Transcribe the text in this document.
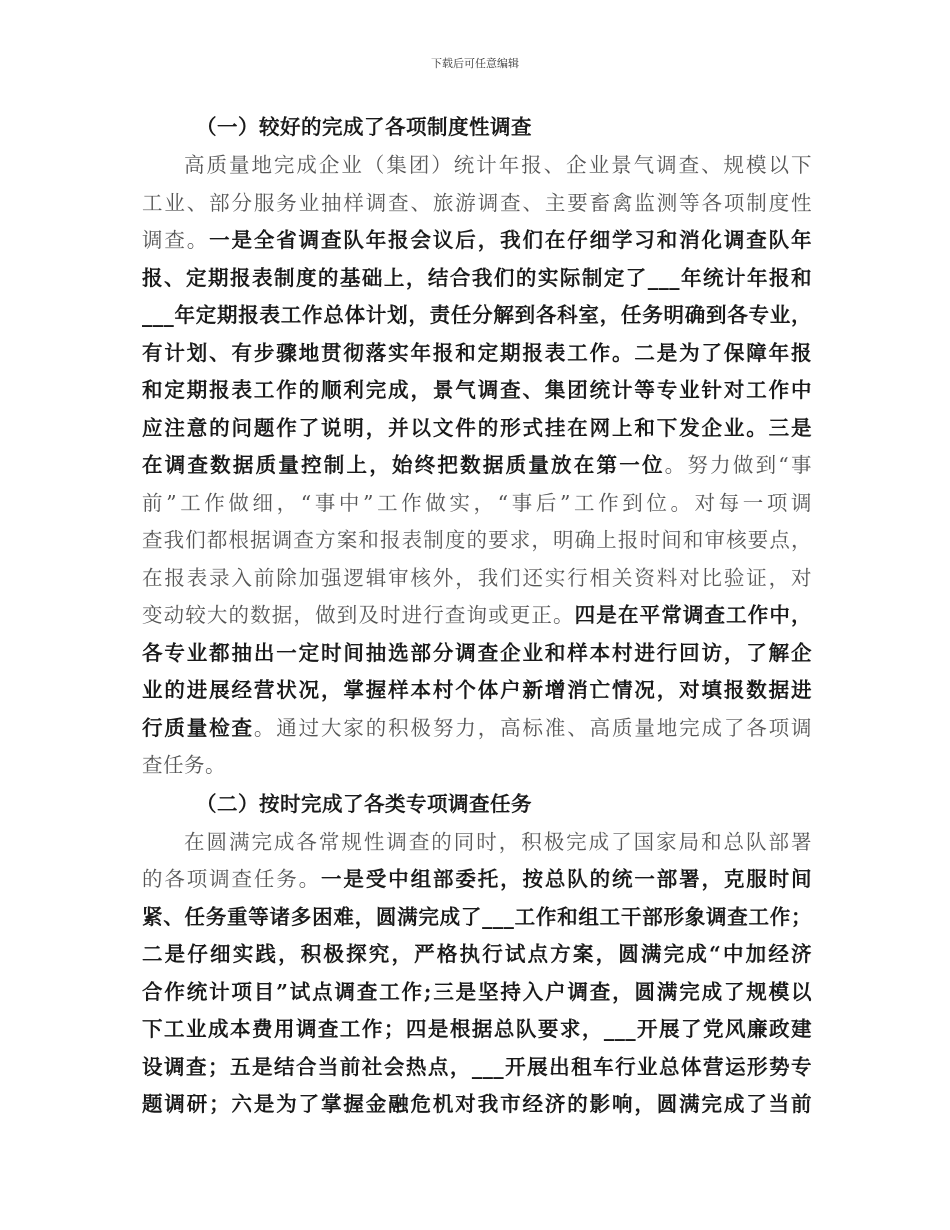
下载后可任意编辑
（一）较好的完成了各项制度性调查
高质量地完成企业（集团）统计年报、企业景气调查、规模以下
工业、部分服务业抽样调查、旅游调查、主要畜禽监测等各项制度性
调查。一是全省调查队年报会议后，我们在仔细学习和消化调查队年
报、定期报表制度的基础上，结合我们的实际制定了___年统计年报和
___年定期报表工作总体计划，责任分解到各科室，任务明确到各专业，
有计划、有步骤地贯彻落实年报和定期报表工作。二是为了保障年报
和定期报表工作的顺利完成，景气调查、集团统计等专业针对工作中
应注意的问题作了说明，并以文件的形式挂在网上和下发企业。三是
在调查数据质量控制上，始终把数据质量放在第一位。努力做到“事
前”工作做细，“事中”工作做实，“事后”工作到位。对每一项调
查我们都根据调查方案和报表制度的要求，明确上报时间和审核要点，
在报表录入前除加强逻辑审核外，我们还实行相关资料对比验证，对
变动较大的数据，做到及时进行查询或更正。四是在平常调查工作中，
各专业都抽出一定时间抽选部分调查企业和样本村进行回访，了解企
业的进展经营状况，掌握样本村个体户新增消亡情况，对填报数据进
行质量检查。通过大家的积极努力，高标准、高质量地完成了各项调
查任务。
（二）按时完成了各类专项调查任务
在圆满完成各常规性调查的同时，积极完成了国家局和总队部署
的各项调查任务。一是受中组部委托，按总队的统一部署，克服时间
紧、任务重等诸多困难，圆满完成了___工作和组工干部形象调查工作；
二是仔细实践，积极探究，严格执行试点方案，圆满完成“中加经济
合作统计项目”试点调查工作;三是坚持入户调查，圆满完成了规模以
下工业成本费用调查工作；四是根据总队要求，___开展了党风廉政建
设调查；五是结合当前社会热点，___开展出租车行业总体营运形势专
题调研；六是为了掌握金融危机对我市经济的影响，圆满完成了当前
